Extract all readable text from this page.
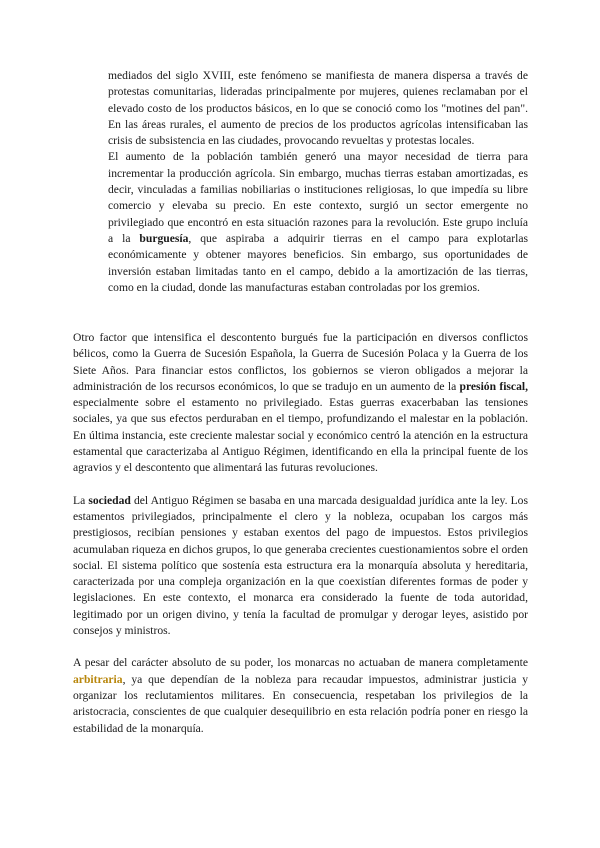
mediados del siglo XVIII, este fenómeno se manifiesta de manera dispersa a través de protestas comunitarias, lideradas principalmente por mujeres, quienes reclamaban por el elevado costo de los productos básicos, en lo que se conoció como los "motines del pan". En las áreas rurales, el aumento de precios de los productos agrícolas intensificaban las crisis de subsistencia en las ciudades, provocando revueltas y protestas locales.

El aumento de la población también generó una mayor necesidad de tierra para incrementar la producción agrícola. Sin embargo, muchas tierras estaban amortizadas, es decir, vinculadas a familias nobiliarias o instituciones religiosas, lo que impedía su libre comercio y elevaba su precio. En este contexto, surgió un sector emergente no privilegiado que encontró en esta situación razones para la revolución. Este grupo incluía a la burguesía, que aspiraba a adquirir tierras en el campo para explotarlas económicamente y obtener mayores beneficios. Sin embargo, sus oportunidades de inversión estaban limitadas tanto en el campo, debido a la amortización de las tierras, como en la ciudad, donde las manufacturas estaban controladas por los gremios.

Otro factor que intensifica el descontento burgués fue la participación en diversos conflictos bélicos, como la Guerra de Sucesión Española, la Guerra de Sucesión Polaca y la Guerra de los Siete Años. Para financiar estos conflictos, los gobiernos se vieron obligados a mejorar la administración de los recursos económicos, lo que se tradujo en un aumento de la presión fiscal, especialmente sobre el estamento no privilegiado. Estas guerras exacerbaban las tensiones sociales, ya que sus efectos perduraban en el tiempo, profundizando el malestar en la población. En última instancia, este creciente malestar social y económico centró la atención en la estructura estamental que caracterizaba al Antiguo Régimen, identificando en ella la principal fuente de los agravios y el descontento que alimentará las futuras revoluciones.

La sociedad del Antiguo Régimen se basaba en una marcada desigualdad jurídica ante la ley. Los estamentos privilegiados, principalmente el clero y la nobleza, ocupaban los cargos más prestigiosos, recibían pensiones y estaban exentos del pago de impuestos. Estos privilegios acumulaban riqueza en dichos grupos, lo que generaba crecientes cuestionamientos sobre el orden social. El sistema político que sostenía esta estructura era la monarquía absoluta y hereditaria, caracterizada por una compleja organización en la que coexistían diferentes formas de poder y legislaciones. En este contexto, el monarca era considerado la fuente de toda autoridad, legitimado por un origen divino, y tenía la facultad de promulgar y derogar leyes, asistido por consejos y ministros.

A pesar del carácter absoluto de su poder, los monarcas no actuaban de manera completamente arbitraria, ya que dependían de la nobleza para recaudar impuestos, administrar justicia y organizar los reclutamientos militares. En consecuencia, respetaban los privilegios de la aristocracia, conscientes de que cualquier desequilibrio en esta relación podría poner en riesgo la estabilidad de la monarquía.
